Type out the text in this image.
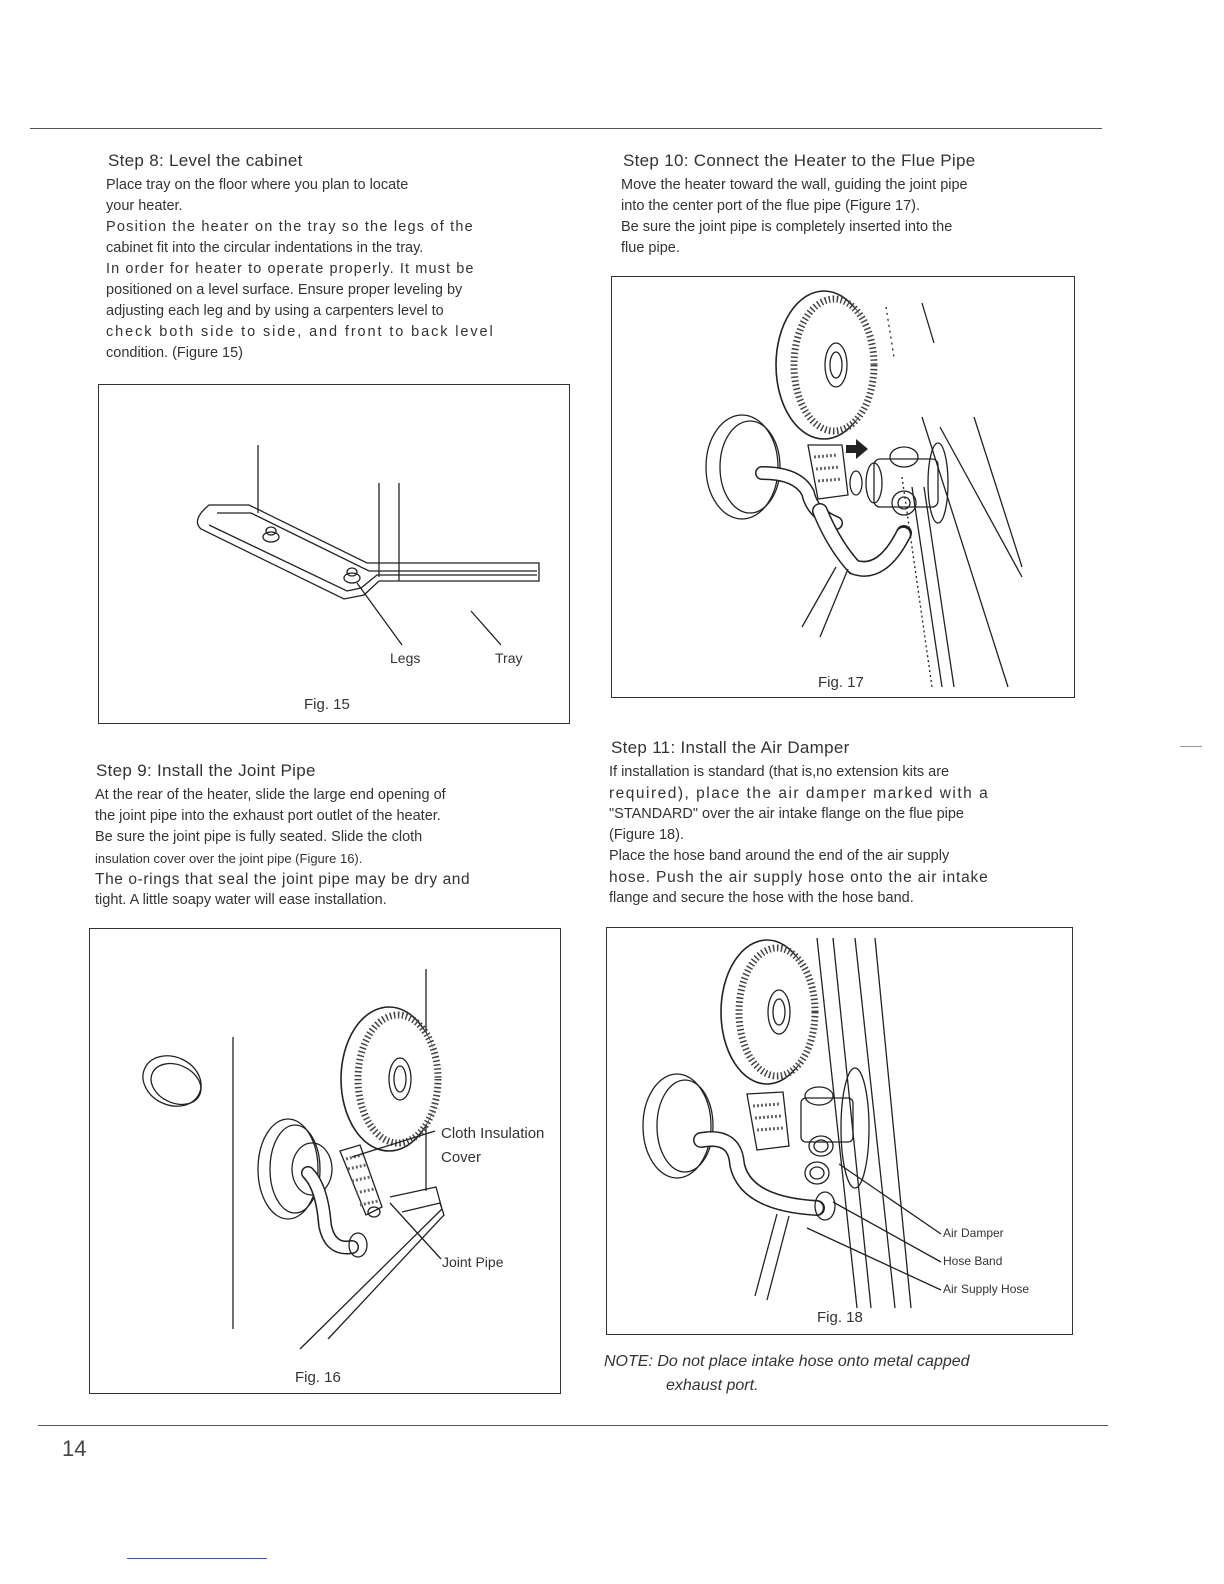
Step 8: Level the cabinet

Place tray on the floor where you plan to locate

your heater.

Position the heater on the tray so the legs of the

cabinet fit into the circular indentations in the tray.

In order for heater to operate properly. It must be

positioned on a level surface. Ensure proper leveling by

adjusting each leg and by using a carpenters level to

check both side to side, and front to back level

condition. (Figure 15)

Legs	Tray
Fig. 15
Step 9: Install the Joint Pipe

At the rear of the heater, slide the large end opening of

the joint pipe into the exhaust port outlet of the heater.

Be sure the joint pipe is fully seated. Slide the cloth

insulation cover over the joint pipe (Figure 16).

The o-rings that seal the joint pipe may be dry and

tight. A little soapy water will ease installation.

Cloth Insulation
Cover
Joint Pipe
Fig. 16
Step 10: Connect the Heater to the Flue Pipe

Move the heater toward the wall, guiding the joint pipe

into the center port of the flue pipe (Figure 17).

Be sure the joint pipe is completely inserted into the

flue pipe.

Fig. 17
Step 11: Install the Air Damper

If installation is standard (that is,no extension kits are

required), place the air damper marked with a

"STANDARD" over the air intake flange on the flue pipe

(Figure 18).

Place the hose band around the end of the air supply

hose. Push the air supply hose onto the air intake

flange and secure the hose with the hose band.

Air Damper
Hose Band
Air Supply Hose
Fig. 18
NOTE: Do not place intake hose onto metal capped
exhaust port.
14
